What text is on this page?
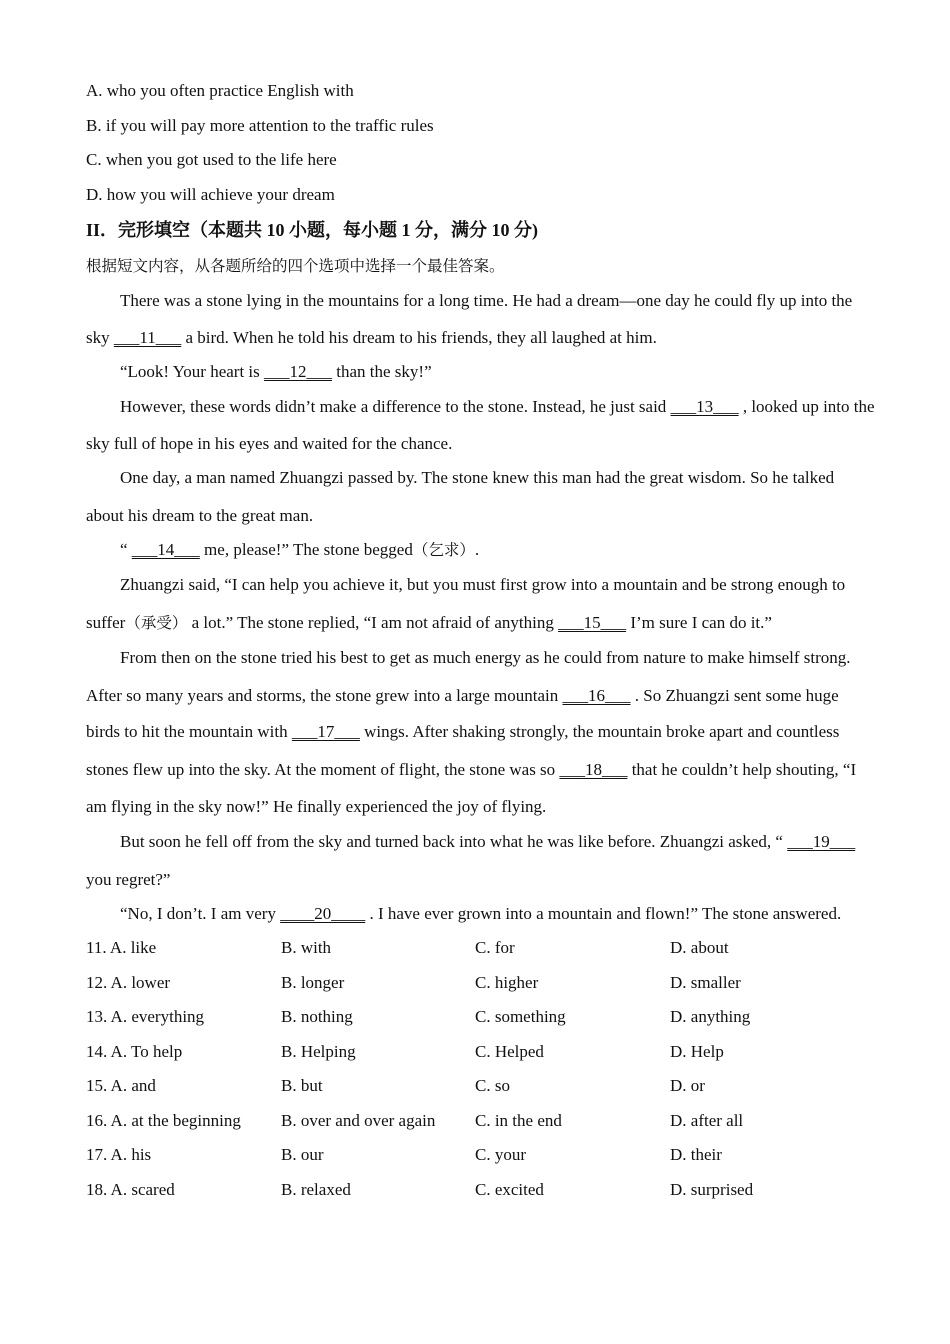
A. who you often practice English with
B. if you will pay more attention to the traffic rules
C. when you got used to the life here
D. how you will achieve your dream
II．完形填空（本题共 10 小题，每小题 1 分，满分 10 分)
根据短文内容，从各题所给的四个选项中选择一个最佳答案。
There was a stone lying in the mountains for a long time. He had a dream—one day he could fly up into the
sky ___11___ a bird. When he told his dream to his friends, they all laughed at him.
“Look! Your heart is ___12___ than the sky!”
However, these words didn’t make a difference to the stone. Instead, he just said ___13___ , looked up into the
sky full of hope in his eyes and waited for the chance.
One day, a man named Zhuangzi passed by. The stone knew this man had the great wisdom. So he talked
about his dream to the great man.
“ ___14___ me, please!” The stone begged（乞求）.
Zhuangzi said, “I can help you achieve it, but you must first grow into a mountain and be strong enough to
suffer（承受） a lot.” The stone replied, “I am not afraid of anything ___15___ I’m sure I can do it.”
From then on the stone tried his best to get as much energy as he could from nature to make himself strong.
After so many years and storms, the stone grew into a large mountain ___16___ . So Zhuangzi sent some huge
birds to hit the mountain with ___17___ wings. After shaking strongly, the mountain broke apart and countless
stones flew up into the sky. At the moment of flight, the stone was so ___18___ that he couldn’t help shouting, “I
am flying in the sky now!” He finally experienced the joy of flying.
But soon he fell off from the sky and turned back into what he was like before. Zhuangzi asked, “ ___19___
you regret?”
“No, I don’t. I am very ____20____ . I have ever grown into a mountain and flown!” The stone answered.
11. A. like	B. with	C. for	D. about
12. A. lower	B. longer	C. higher	D. smaller
13. A. everything	B. nothing	C. something	D. anything
14. A. To help	B. Helping	C. Helped	D. Help
15. A. and	B. but	C. so	D. or
16. A. at the beginning B. over and over again C. in the end	D. after all
17. A. his	B. our	C. your	D. their
18. A. scared	B. relaxed	C. excited	D. surprised
